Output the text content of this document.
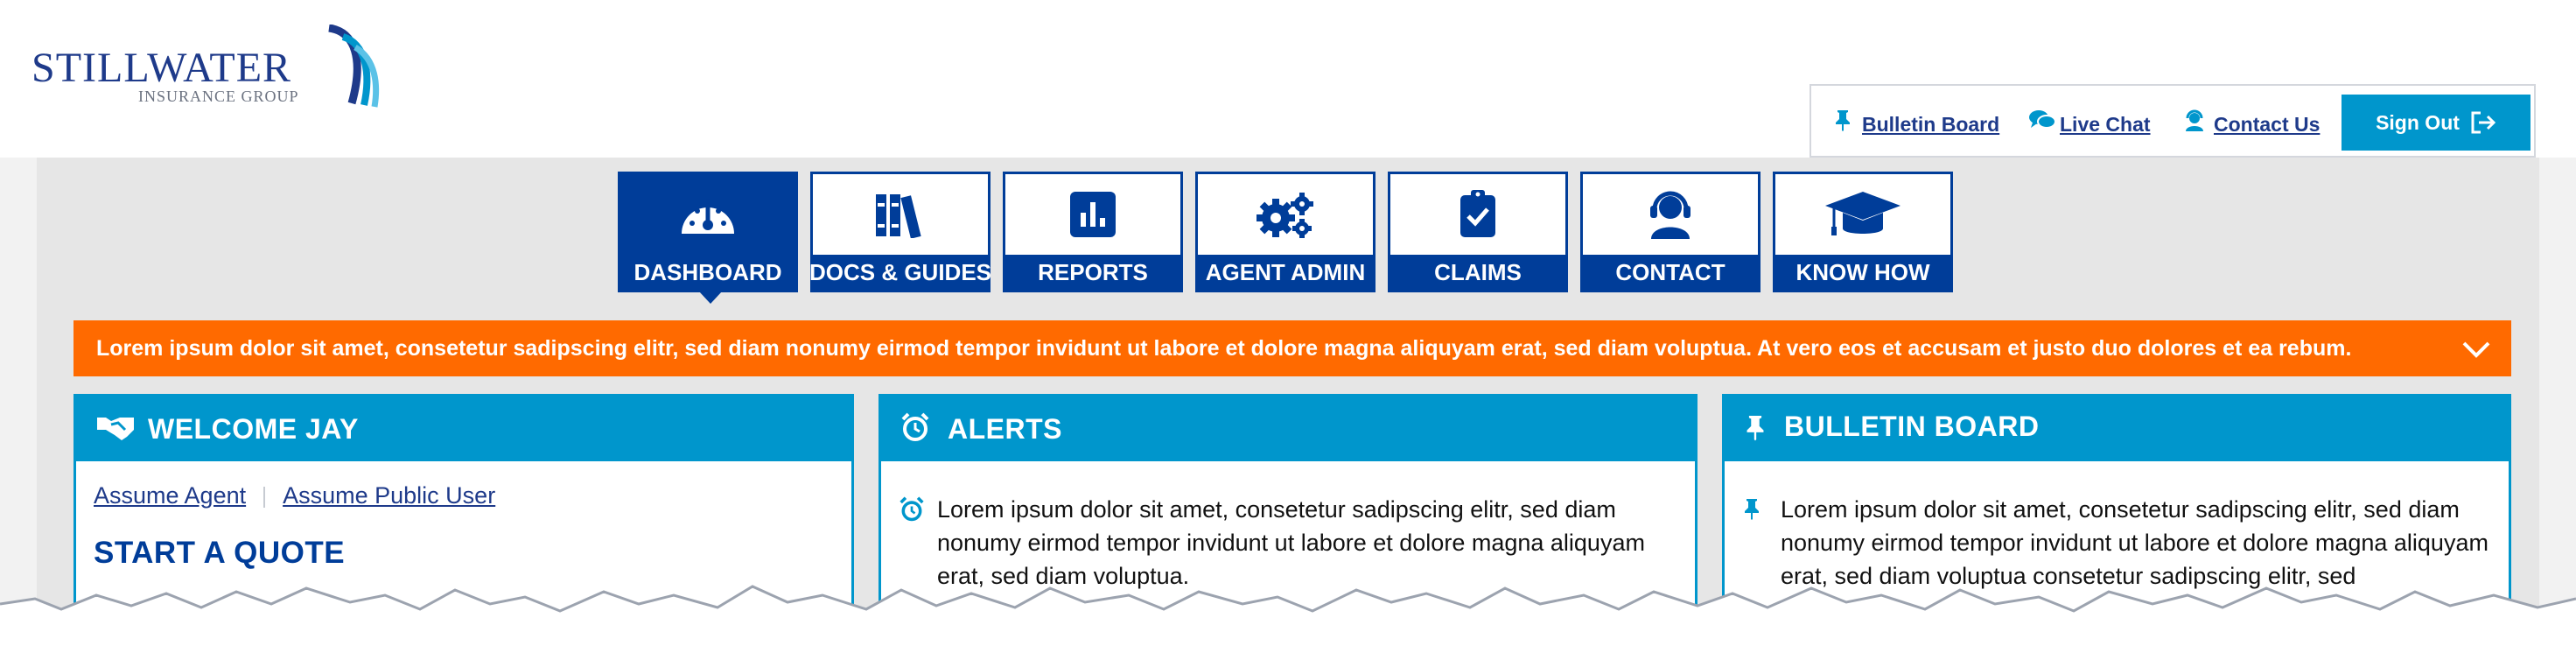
STILLWATER
INSURANCE GROUP
Bulletin Board	Live Chat	Contact Us	Sign Out
DASHBOARD	DOCS & GUIDES	REPORTS	AGENT ADMIN	CLAIMS	CONTACT	KNOW HOW
Lorem ipsum dolor sit amet, consetetur sadipscing elitr, sed diam nonumy eirmod tempor invidunt ut labore et dolore magna aliquyam erat, sed diam voluptua. At vero eos et accusam et justo duo dolores et ea rebum.
WELCOME JAY
Assume Agent Assume Public User
START A QUOTE
ALERTS
Lorem ipsum dolor sit amet, consetetur sadipscing elitr, sed diam nonumy eirmod tempor invidunt ut labore et dolore magna aliquyam erat, sed diam voluptua.
BULLETIN BOARD
Lorem ipsum dolor sit amet, consetetur sadipscing elitr, sed diam nonumy eirmod tempor invidunt ut labore et dolore magna aliquyam erat, sed diam voluptua consetetur sadipscing elitr, sed
